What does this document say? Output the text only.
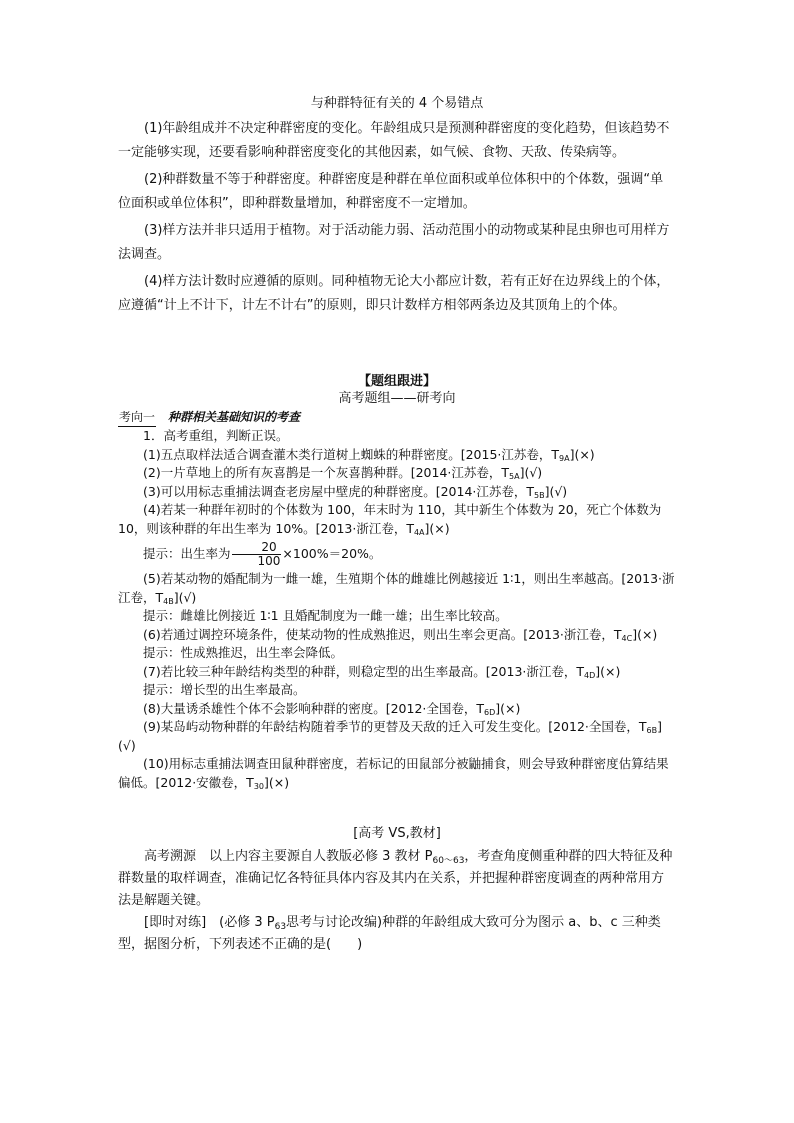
与种群特征有关的 4 个易错点

(1)年龄组成并不决定种群密度的变化。年龄组成只是预测种群密度的变化趋势，但该趋势不一定能够实现，还要看影响种群密度变化的其他因素，如气候、食物、天敌、传染病等。

(2)种群数量不等于种群密度。种群密度是种群在单位面积或单位体积中的个体数，强调“单位面积或单位体积”，即种群数量增加，种群密度不一定增加。

(3)样方法并非只适用于植物。对于活动能力弱、活动范围小的动物或某种昆虫卵也可用样方法调查。

(4)样方法计数时应遵循的原则。同种植物无论大小都应计数，若有正好在边界线上的个体，应遵循“计上不计下，计左不计右”的原则，即只计数样方相邻两条边及其顶角上的个体。

【题组跟进】
高考题组——研考向
考向一 种群相关基础知识的考查

1．高考重组，判断正误。

(1)五点取样法适合调查灌木类行道树上蜘蛛的种群密度。[2015·江苏卷，$T_{9A}](\times)$

(2)一片草地上的所有灰喜鹊是一个灰喜鹊种群。[2014·江苏卷，$T_{5A}](√)$

(3)可以用标志重捕法调查老房屋中壁虎的种群密度。[2014·江苏卷，$T_{5B}](√)$

(4)若某一种群年初时的个体数为 100，年末时为 110，其中新生个体数为 20，死亡个体数为 10，则该种群的年出生率为 10%。[2013·浙江卷，$T_{4A}](\times)$

提示：出生率为 $\frac{20}{100} \times 100\%=20\%$。

(5)若某动物的婚配制为一雌一雄，生殖期个体的雌雄比例越接近 1∶1，则出生率越高。[2013·浙江卷，$T_{4B}](√)$

提示：雌雄比例接近 1∶1 且婚配制度为一雌一雄；出生率比较高。

(6)若通过调控环境条件，使某动物的性成熟推迟，则出生率会更高。[2013·浙江卷，$T_{4C}](\times)$

提示：性成熟推迟，出生率会降低。

(7)若比较三种年龄结构类型的种群，则稳定型的出生率最高。[2013·浙江卷，$T_{4D}](\times)$

提示：增长型的出生率最高。

(8)大量诱杀雄性个体不会影响种群的密度。[2012·全国卷，$T_{6D}](\times)$

(9)某岛屿动物种群的年龄结构随着季节的更替及天敌的迁入可发生变化。[2012·全国卷，$T_{6B}](√)$

(10)用标志重捕法调查田鼠种群密度，若标记的田鼠部分被鼬捕食，则会导致种群密度估算结果偏低。[2012·安徽卷，$T_{30}](\times)$

[高考 VS,教材]

高考溯源　以上内容主要源自人教版必修 3 教材 $P_{60\sim 63}$，考查角度侧重种群的四大特征及种群数量的取样调查，准确记忆各特征具体内容及其内在关系，并把握种群密度调查的两种常用方法是解题关键。

[即时对练]　(必修 3 $P_{63}$思考与讨论改编)种群的年龄组成大致可分为图示 a、b、c 三种类型，据图分析，下列表述不正确的是(　　)
